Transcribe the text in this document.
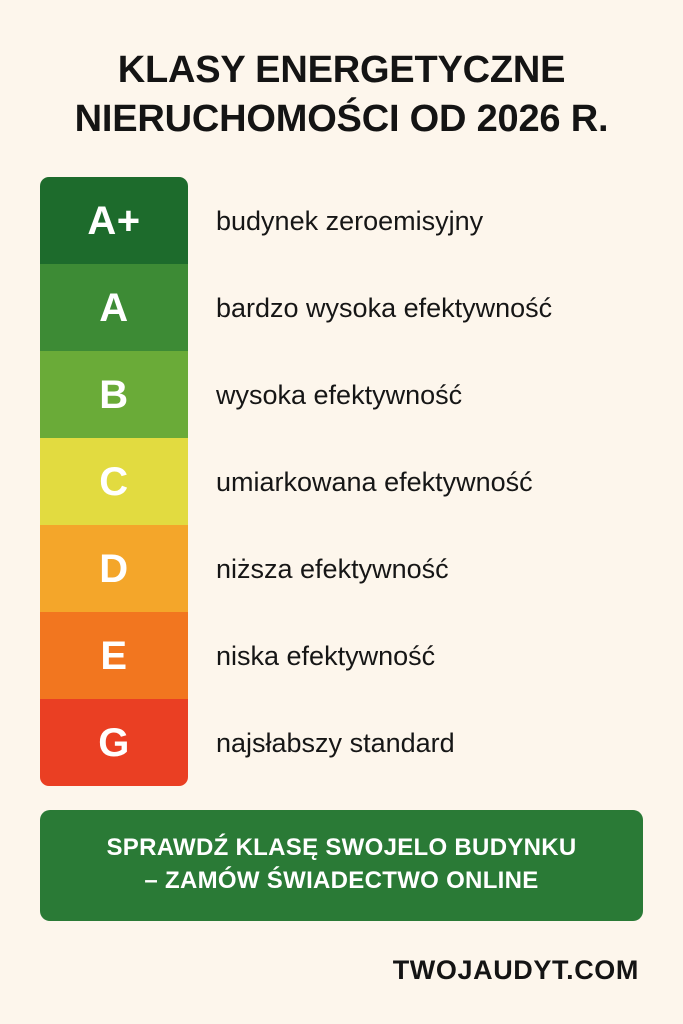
KLASY ENERGETYCZNE
NIERUCHOMOŚCI OD 2026 R.
A+	budynek zeroemisyjny
A	bardzo wysoka efektywność
B	wysoka efektywność
C	umiarkowana efektywność
D	niższa efektywność
E	niska efektywność
G	najsłabszy standard
SPRAWDŹ KLASĘ SWOJELO BUDYNKU
– ZAMÓW ŚWIADECTWO ONLINE
TWOJAUDYT.COM
